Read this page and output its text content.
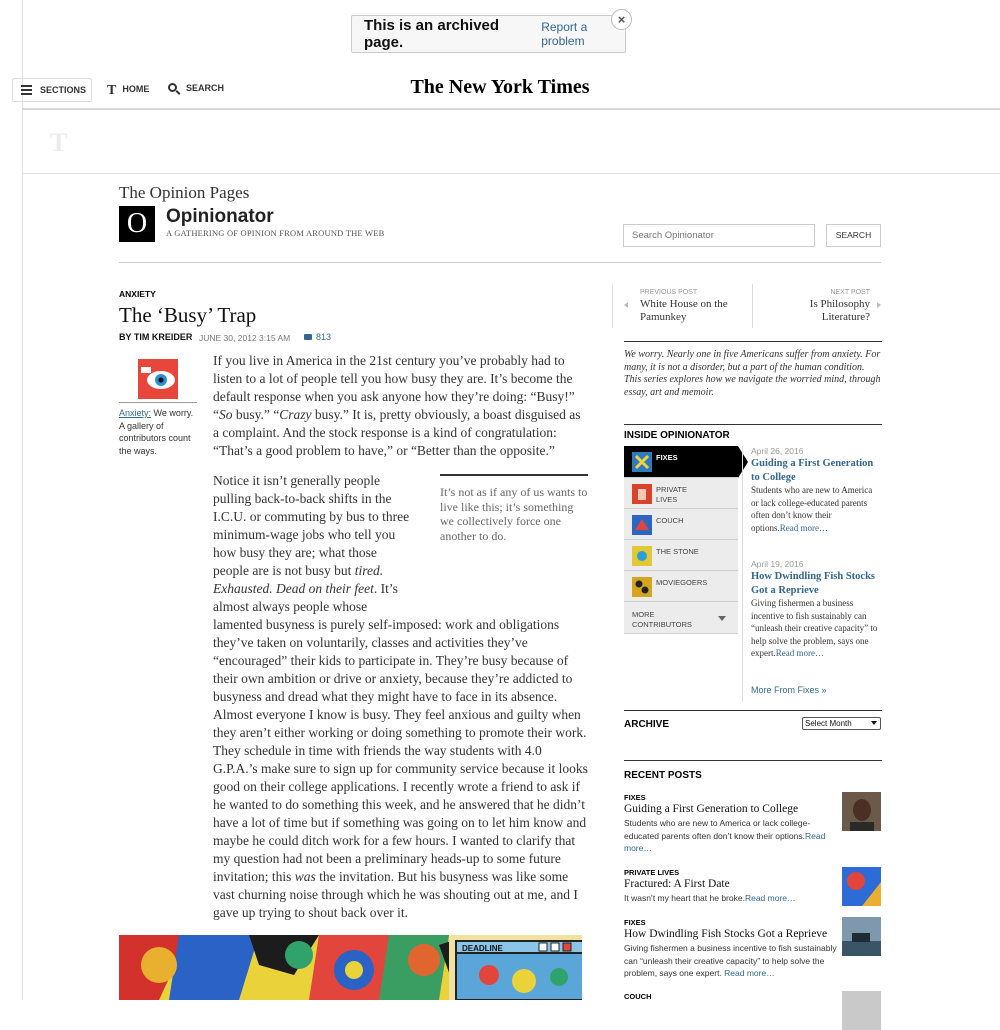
This is an archived page.
Report a problem
×
SECTIONS THOME	SEARCH	The New York Times
T
The Opinion Pages
O Opinionator
A GATHERING OF OPINION FROM AROUND THE WEB
Search Opinionator	SEARCH
ANXIETY
The ‘Busy’ Trap
BY TIM KREIDER JUNE 30, 2012 3:15 AM	813
Anxiety: We worry. A gallery of contributors count the ways.

If you live in America in the 21st century you’ve probably had to listen to a lot of people tell you how busy they are. It’s become the default response when you ask anyone how they’re doing: “Busy!” “So busy.” “Crazy busy.” It is, pretty obviously, a boast disguised as a complaint. And the stock response is a kind of congratulation: “That’s a good problem to have,” or “Better than the opposite.”

Notice it isn’t generally people pulling back-to-back shifts in the I.C.U. or commuting by bus to three minimum-wage jobs who tell you how busy they are; what those people are is not busy but tired. Exhausted. Dead on their feet. It’s almost always people whose lamented busyness is purely self-imposed: work and obligations they’ve taken on voluntarily, classes and activities they’ve “encouraged” their kids to participate in. They’re busy because of their own ambition or drive or anxiety, because they’re addicted to busyness and dread what they might have to face in its absence.

It’s not as if any of us wants to live like this; it’s something we collectively force one another to do.

Almost everyone I know is busy. They feel anxious and guilty when they aren’t either working or doing something to promote their work. They schedule in time with friends the way students with 4.0 G.P.A.’s make sure to sign up for community service because it looks good on their college applications. I recently wrote a friend to ask if he wanted to do something this week, and he answered that he didn’t have a lot of time but if something was going on to let him know and maybe he could ditch work for a few hours. I wanted to clarify that my question had not been a preliminary heads-up to some future invitation; this was the invitation. But his busyness was like some vast churning noise through which he was shouting out at me, and I gave up trying to shout back over it.

DEADLINE
PREVIOUS POST
White House on the Pamunkey
NEXT POST
Is Philosophy Literature?
We worry. Nearly one in five Americans suffer from anxiety. For many, it is not a disorder, but a part of the human condition. This series explores how we navigate the worried mind, through essay, art and memoir.
INSIDE OPINIONATOR
FIXES
PRIVATE LIVES
COUCH
THE STONE
MOVIEGOERS
MORE CONTRIBUTORS
April 26, 2016
Guiding a First Generation to College
Students who are new to America or lack college-educated parents often don’t know their options.Read more…
April 19, 2016
How Dwindling Fish Stocks Got a Reprieve
Giving fishermen a business incentive to fish sustainably can “unleash their creative capacity” to help solve the problem, says one expert.Read more…
More From Fixes »
ARCHIVE	Select Month
RECENT POSTS
FIXES
Guiding a First Generation to College
Students who are new to America or lack college-educated parents often don’t know their options.Read more…
PRIVATE LIVES
Fractured: A First Date
It wasn’t my heart that he broke.Read more…
FIXES
How Dwindling Fish Stocks Got a Reprieve
Giving fishermen a business incentive to fish sustainably can “unleash their creative capacity” to help solve the problem, says one expert. Read more…
COUCH
